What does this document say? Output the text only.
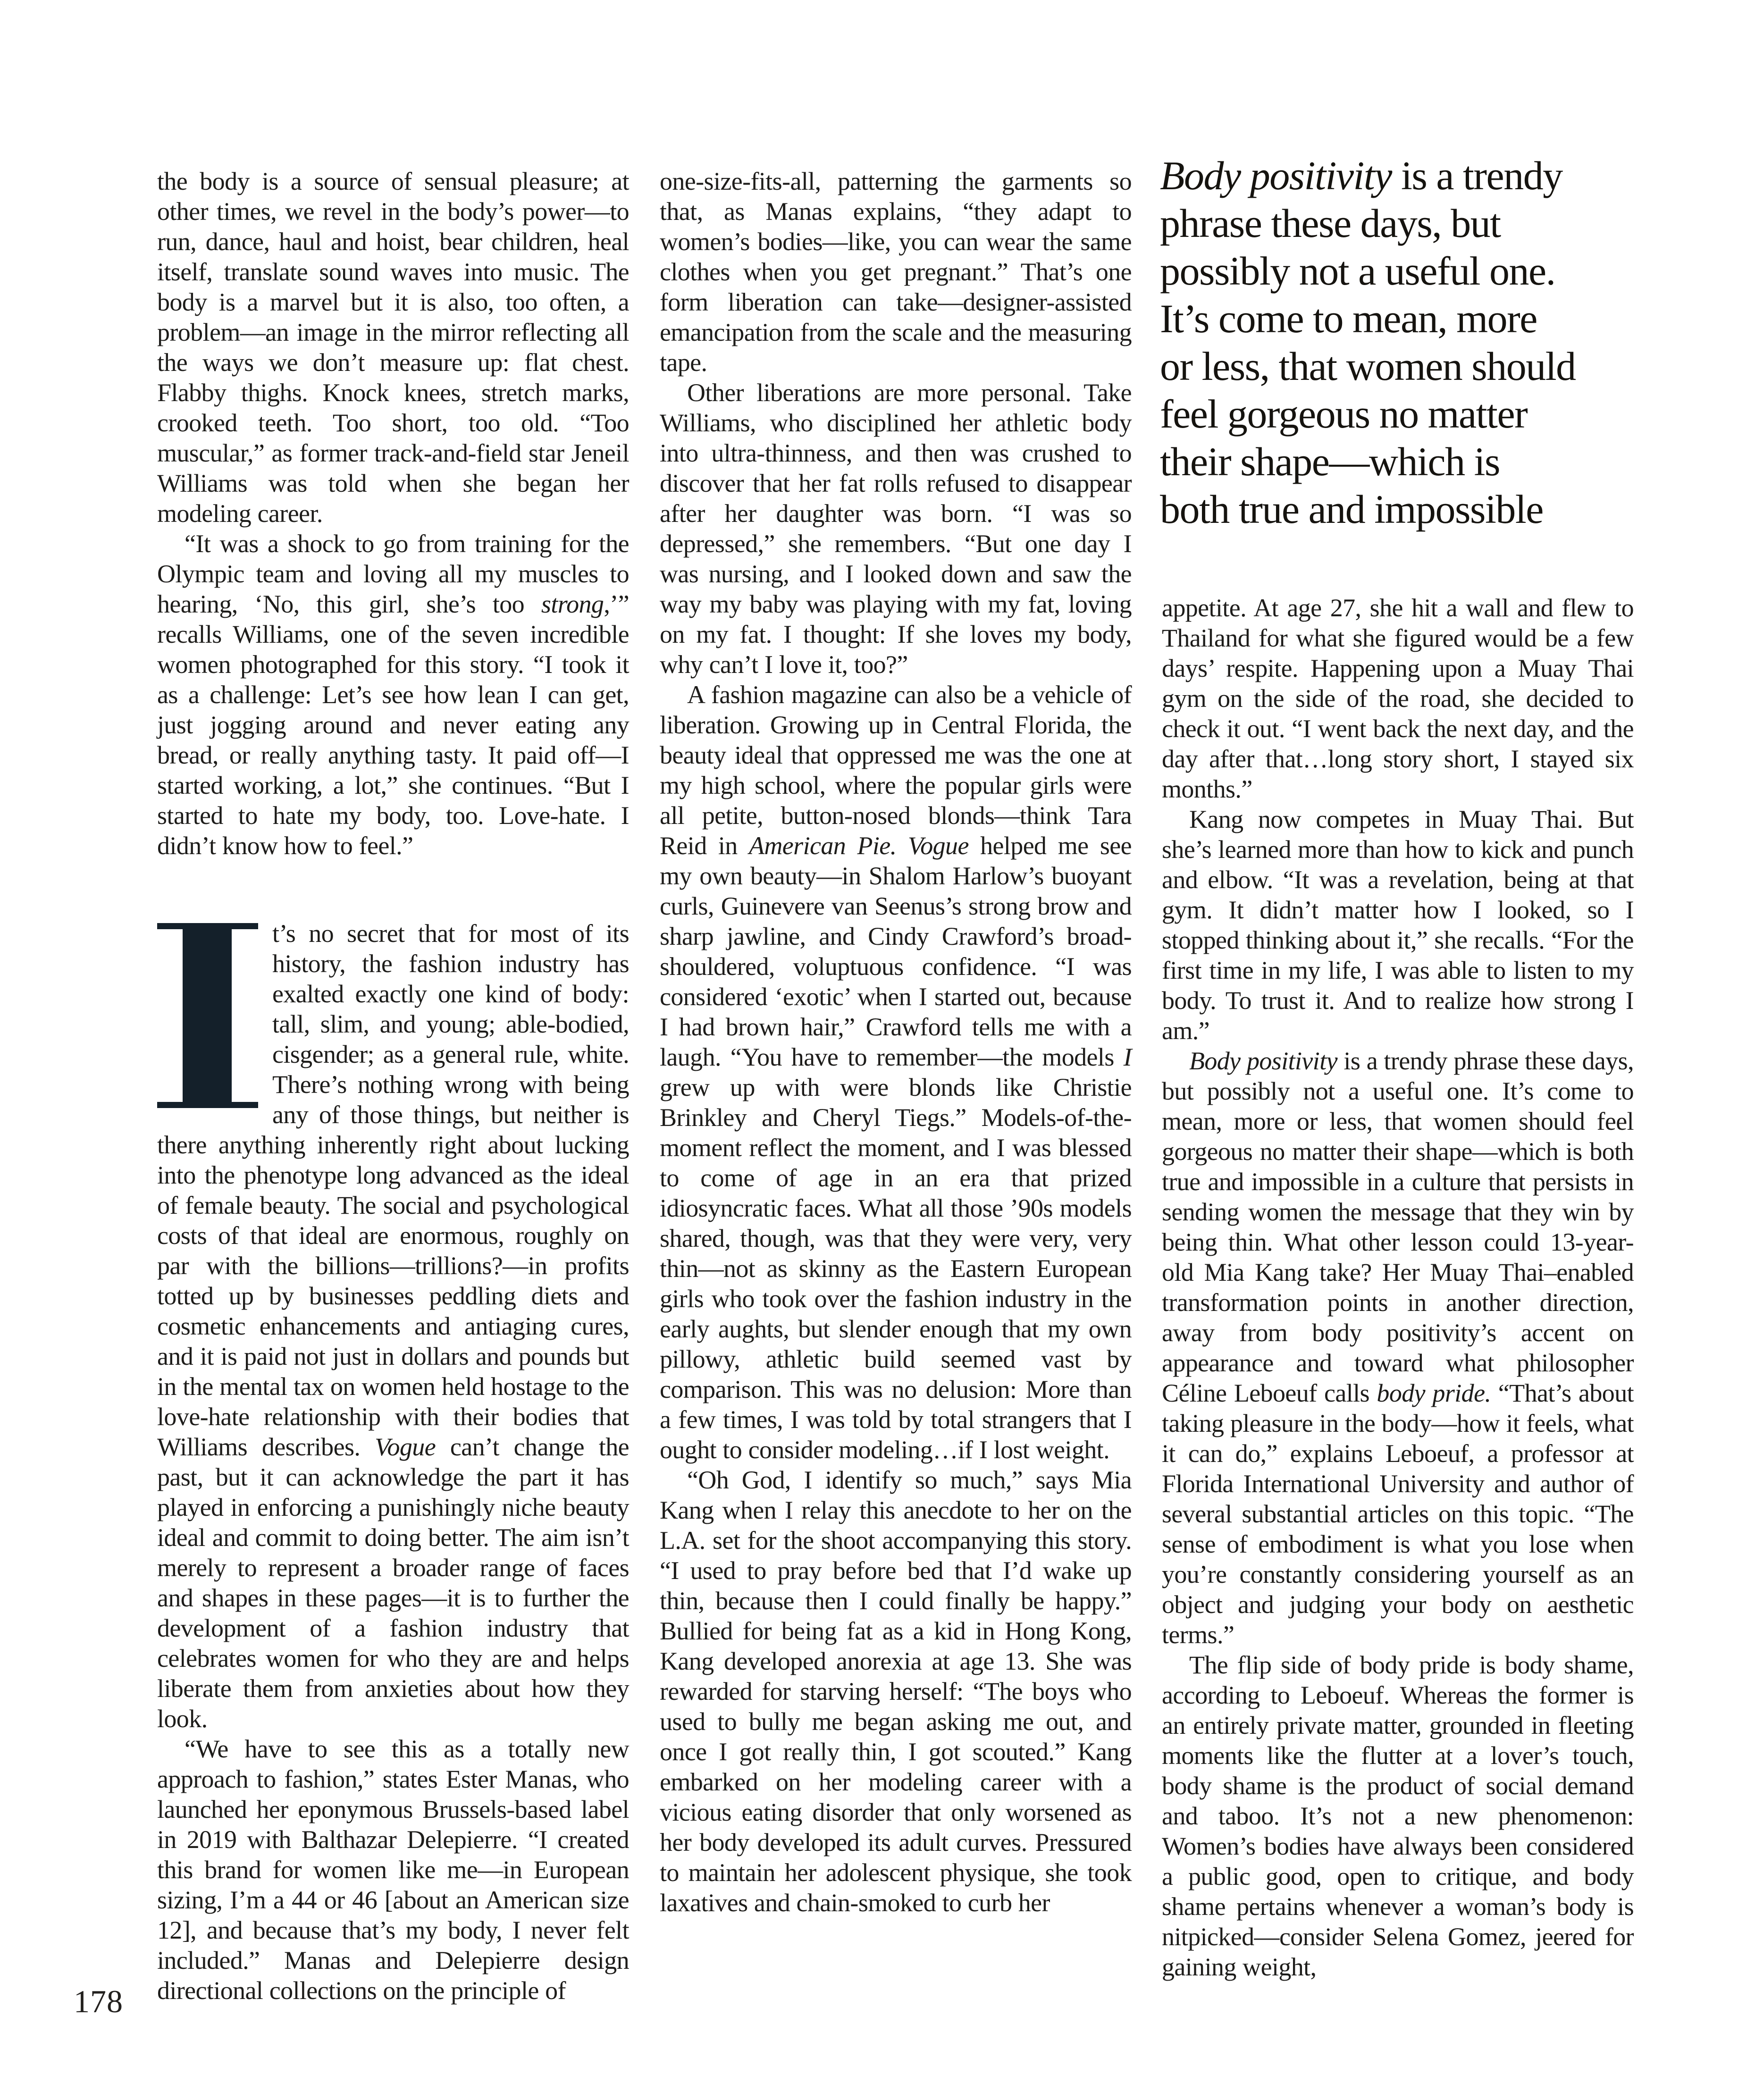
Body positivity is a trendy
phrase these days, but
possibly not a useful one.
It’s come to mean, more
or less, that women should
feel gorgeous no matter
their shape—which is
both true and impossible

the body is a source of sensual pleasure; at other times, we revel in the body’s power—to run, dance, haul and hoist, bear children, heal itself, translate sound waves into music. The body is a marvel but it is also, too often, a problem—an image in the mirror reflecting all the ways we don’t measure up: flat chest. Flabby thighs. Knock knees, stretch marks, crooked teeth. Too short, too old. “Too muscular,” as former track-and-field star Jeneil Williams was told when she began her modeling career.

“It was a shock to go from training for the Olympic team and loving all my muscles to hearing, ‘No, this girl, she’s too strong,’” recalls Williams, one of the seven incredible women photographed for this story. “I took it as a challenge: Let’s see how lean I can get, just jogging around and never eating any bread, or really anything tasty. It paid off—I started working, a lot,” she continues. “But I started to hate my body, too. Love-hate. I didn’t know how to feel.”

t’s no secret that for most of its history, the fashion industry has exalted exactly one kind of body: tall, slim, and young; able-bodied, cisgender; as a general rule, white. There’s nothing wrong with being any of those things, but neither is there anything inherently right about lucking into the phenotype long advanced as the ideal of female beauty. The social and psychological costs of that ideal are enormous, roughly on par with the billions—trillions?—in profits totted up by businesses peddling diets and cosmetic enhancements and antiaging cures, and it is paid not just in dollars and pounds but in the mental tax on women held hostage to the love-hate relationship with their bodies that Williams describes. Vogue can’t change the past, but it can acknowledge the part it has played in enforcing a punishingly niche beauty ideal and commit to doing better. The aim isn’t merely to represent a broader range of faces and shapes in these pages—it is to further the development of a fashion industry that celebrates women for who they are and helps liberate them from anxieties about how they look.

“We have to see this as a totally new approach to fashion,” states Ester Manas, who launched her eponymous Brussels-based label in 2019 with Balthazar Delepierre. “I created this brand for women like me—in European sizing, I’m a 44 or 46 [about an American size 12], and because that’s my body, I never felt included.” Manas and Delepierre design directional collections on the principle of

one-size-fits-all, patterning the garments so that, as Manas explains, “they adapt to women’s bodies—like, you can wear the same clothes when you get pregnant.” That’s one form liberation can take—designer-assisted emancipation from the scale and the measuring tape.

Other liberations are more personal. Take Williams, who disciplined her athletic body into ultra-thinness, and then was crushed to discover that her fat rolls refused to disappear after her daughter was born. “I was so depressed,” she remembers. “But one day I was nursing, and I looked down and saw the way my baby was playing with my fat, loving on my fat. I thought: If she loves my body, why can’t I love it, too?”

A fashion magazine can also be a vehicle of liberation. Growing up in Central Florida, the beauty ideal that oppressed me was the one at my high school, where the popular girls were all petite, button-nosed blonds—think Tara Reid in American Pie. Vogue helped me see my own beauty—in Shalom Harlow’s buoyant curls, Guinevere van Seenus’s strong brow and sharp jawline, and Cindy Crawford’s broad-shouldered, voluptuous confidence. “I was considered ‘exotic’ when I started out, because I had brown hair,” Crawford tells me with a laugh. “You have to remember—the models I grew up with were blonds like Christie Brinkley and Cheryl Tiegs.” Models-of-the-moment reflect the moment, and I was blessed to come of age in an era that prized idiosyncratic faces. What all those ’90s models shared, though, was that they were very, very thin—not as skinny as the Eastern European girls who took over the fashion industry in the early aughts, but slender enough that my own pillowy, athletic build seemed vast by comparison. This was no delusion: More than a few times, I was told by total strangers that I ought to consider modeling…if I lost weight.

“Oh God, I identify so much,” says Mia Kang when I relay this anecdote to her on the L.A. set for the shoot accompanying this story. “I used to pray before bed that I’d wake up thin, because then I could finally be happy.” Bullied for being fat as a kid in Hong Kong, Kang developed anorexia at age 13. She was rewarded for starving herself: “The boys who used to bully me began asking me out, and once I got really thin, I got scouted.” Kang embarked on her modeling career with a vicious eating disorder that only worsened as her body developed its adult curves. Pressured to maintain her adolescent physique, she took laxatives and chain-smoked to curb her

appetite. At age 27, she hit a wall and flew to Thailand for what she figured would be a few days’ respite. Happening upon a Muay Thai gym on the side of the road, she decided to check it out. “I went back the next day, and the day after that…long story short, I stayed six months.”

Kang now competes in Muay Thai. But she’s learned more than how to kick and punch and elbow. “It was a revelation, being at that gym. It didn’t matter how I looked, so I stopped thinking about it,” she recalls. “For the first time in my life, I was able to listen to my body. To trust it. And to realize how strong I am.”

Body positivity is a trendy phrase these days, but possibly not a useful one. It’s come to mean, more or less, that women should feel gorgeous no matter their shape—which is both true and impossible in a culture that persists in sending women the message that they win by being thin. What other lesson could 13-year-old Mia Kang take? Her Muay Thai–enabled transformation points in another direction, away from body positivity’s accent on appearance and toward what philosopher Céline Leboeuf calls body pride. “That’s about taking pleasure in the body—how it feels, what it can do,” explains Leboeuf, a professor at Florida International University and author of several substantial articles on this topic. “The sense of embodiment is what you lose when you’re constantly considering yourself as an object and judging your body on aesthetic terms.”

The flip side of body pride is body shame, according to Leboeuf. Whereas the former is an entirely private matter, grounded in fleeting moments like the flutter at a lover’s touch, body shame is the product of social demand and taboo. It’s not a new phenomenon: Women’s bodies have always been considered a public good, open to critique, and body shame pertains whenever a woman’s body is nitpicked—consider Selena Gomez, jeered for gaining weight,

178
